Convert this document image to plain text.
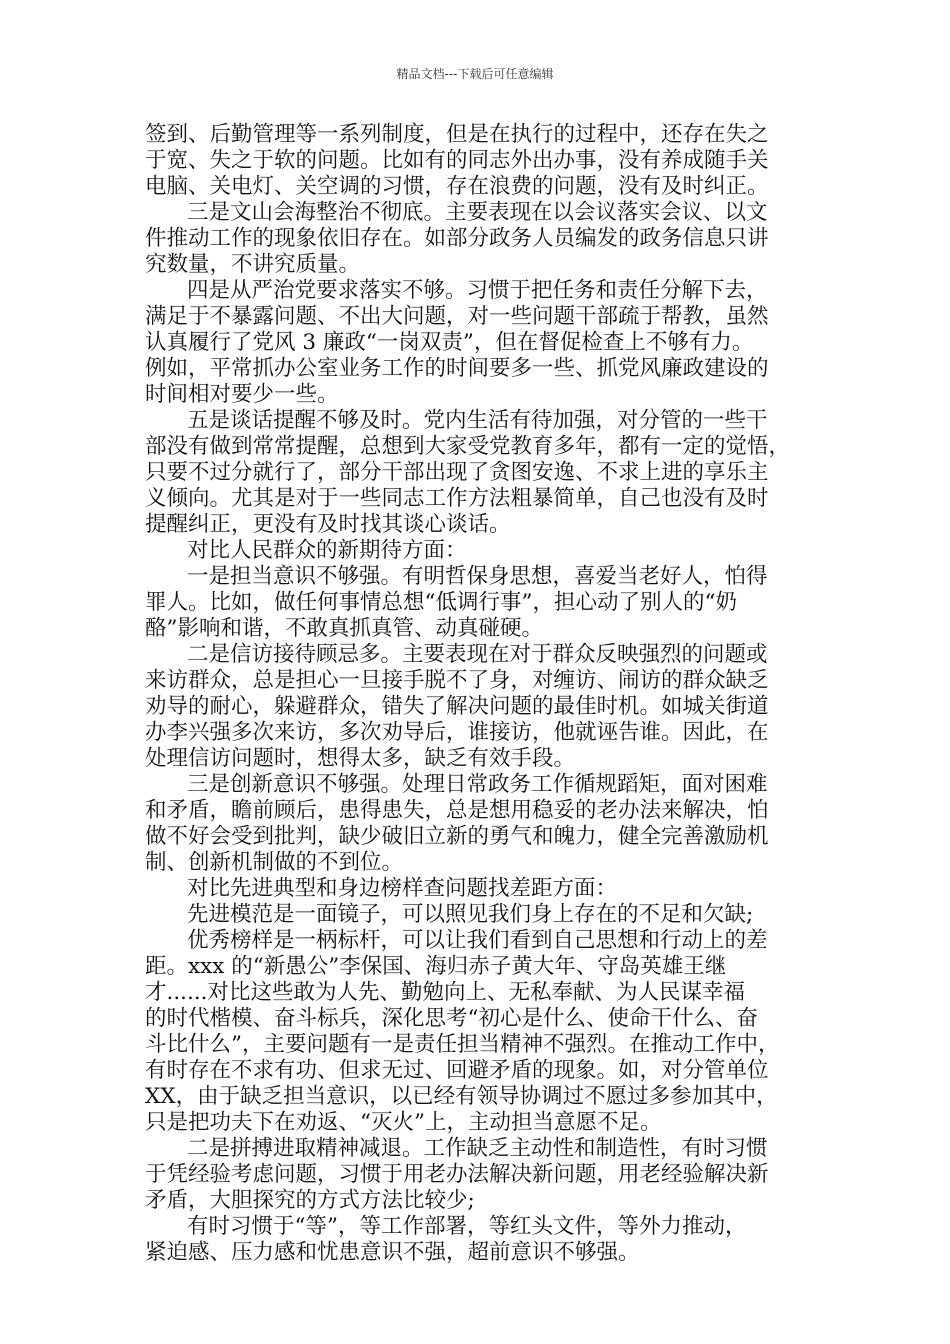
精品文档---下载后可任意编辑
签到、后勤管理等一系列制度，但是在执行的过程中，还存在失之
于宽、失之于软的问题。比如有的同志外出办事，没有养成随手关
电脑、关电灯、关空调的习惯，存在浪费的问题，没有及时纠正。
三是文山会海整治不彻底。主要表现在以会议落实会议、以文
件推动工作的现象依旧存在。如部分政务人员编发的政务信息只讲
究数量，不讲究质量。
四是从严治党要求落实不够。习惯于把任务和责任分解下去，
满足于不暴露问题、不出大问题，对一些问题干部疏于帮教，虽然
认真履行了党风 3 廉政“一岗双责”，但在督促检查上不够有力。
例如，平常抓办公室业务工作的时间要多一些、抓党风廉政建设的
时间相对要少一些。
五是谈话提醒不够及时。党内生活有待加强，对分管的一些干
部没有做到常常提醒，总想到大家受党教育多年，都有一定的觉悟，
只要不过分就行了，部分干部出现了贪图安逸、不求上进的享乐主
义倾向。尤其是对于一些同志工作方法粗暴简单，自己也没有及时
提醒纠正，更没有及时找其谈心谈话。
对比人民群众的新期待方面：
一是担当意识不够强。有明哲保身思想，喜爱当老好人，怕得
罪人。比如，做任何事情总想“低调行事”，担心动了别人的“奶
酪”影响和谐，不敢真抓真管、动真碰硬。
二是信访接待顾忌多。主要表现在对于群众反映强烈的问题或
来访群众，总是担心一旦接手脱不了身，对缠访、闹访的群众缺乏
劝导的耐心，躲避群众，错失了解决问题的最佳时机。如城关街道
办李兴强多次来访，多次劝导后，谁接访，他就诬告谁。因此，在
处理信访问题时，想得太多，缺乏有效手段。
三是创新意识不够强。处理日常政务工作循规蹈矩，面对困难
和矛盾，瞻前顾后，患得患失，总是想用稳妥的老办法来解决，怕
做不好会受到批判，缺少破旧立新的勇气和魄力，健全完善激励机
制、创新机制做的不到位。
对比先进典型和身边榜样查问题找差距方面：
先进模范是一面镜子，可以照见我们身上存在的不足和欠缺;
优秀榜样是一柄标杆，可以让我们看到自己思想和行动上的差
距。xxx 的“新愚公”李保国、海归赤子黄大年、守岛英雄王继
才......对比这些敢为人先、勤勉向上、无私奉献、为人民谋幸福
的时代楷模、奋斗标兵，深化思考“初心是什么、使命干什么、奋
斗比什么”，主要问题有一是责任担当精神不强烈。在推动工作中，
有时存在不求有功、但求无过、回避矛盾的现象。如，对分管单位
XX，由于缺乏担当意识，以已经有领导协调过不愿过多参加其中，
只是把功夫下在劝返、“灭火”上，主动担当意愿不足。
二是拼搏进取精神减退。工作缺乏主动性和制造性，有时习惯
于凭经验考虑问题，习惯于用老办法解决新问题，用老经验解决新
矛盾，大胆探究的方式方法比较少;
有时习惯于“等”，等工作部署，等红头文件，等外力推动，
紧迫感、压力感和忧患意识不强，超前意识不够强。
